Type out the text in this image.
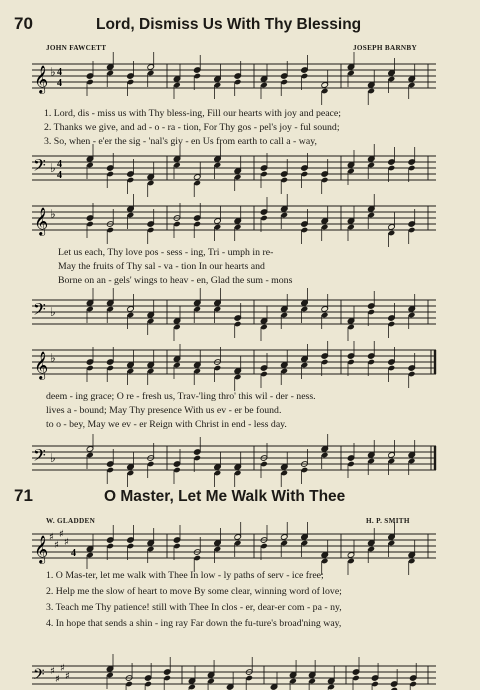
70	Lord, Dismiss Us With Thy Blessing
JOHN FAWCETT	JOSEPH BARNBY
𝄞 ♭ 4
4
𝄢 ♭ 4
4
1. Lord, dis - miss us with Thy bless-ing, Fill our hearts with joy and peace;
2. Thanks we give, and ad - o - ra - tion, For Thy gos - pel's joy - ful sound;
3. So, when - e'er the sig - 'nal's giv - en Us from earth to call a - way,
𝄞 ♭
𝄢 ♭
Let us each, Thy love pos - sess - ing, Tri - umph in re-
May the fruits of Thy sal - va - tion In our hearts and
Borne on an - gels' wings to heav - en, Glad the sum - mons
𝄞 ♭
𝄢 ♭
deem - ing grace; O re - fresh us, Trav-'ling thro' this wil - der - ness.
lives a - bound; May Thy presence With us ev - er be found.
to o - bey, May we ev - er Reign with Christ in end - less day.
71	O Master, Let Me Walk With Thee
W. GLADDEN	H. P. SMITH
𝄞 ♯
♯
♯
♯
4
𝄢 ♯
♯
♯
♯
1. O Mas-ter, let me walk with Thee In low - ly paths of serv - ice free;
2. Help me the slow of heart to move By some clear, winning word of love;
3. Teach me Thy patience! still with Thee In clos - er, dear-er com - pa - ny,
4. In hope that sends a shin - ing ray Far down the fu-ture's broad'ning way,
